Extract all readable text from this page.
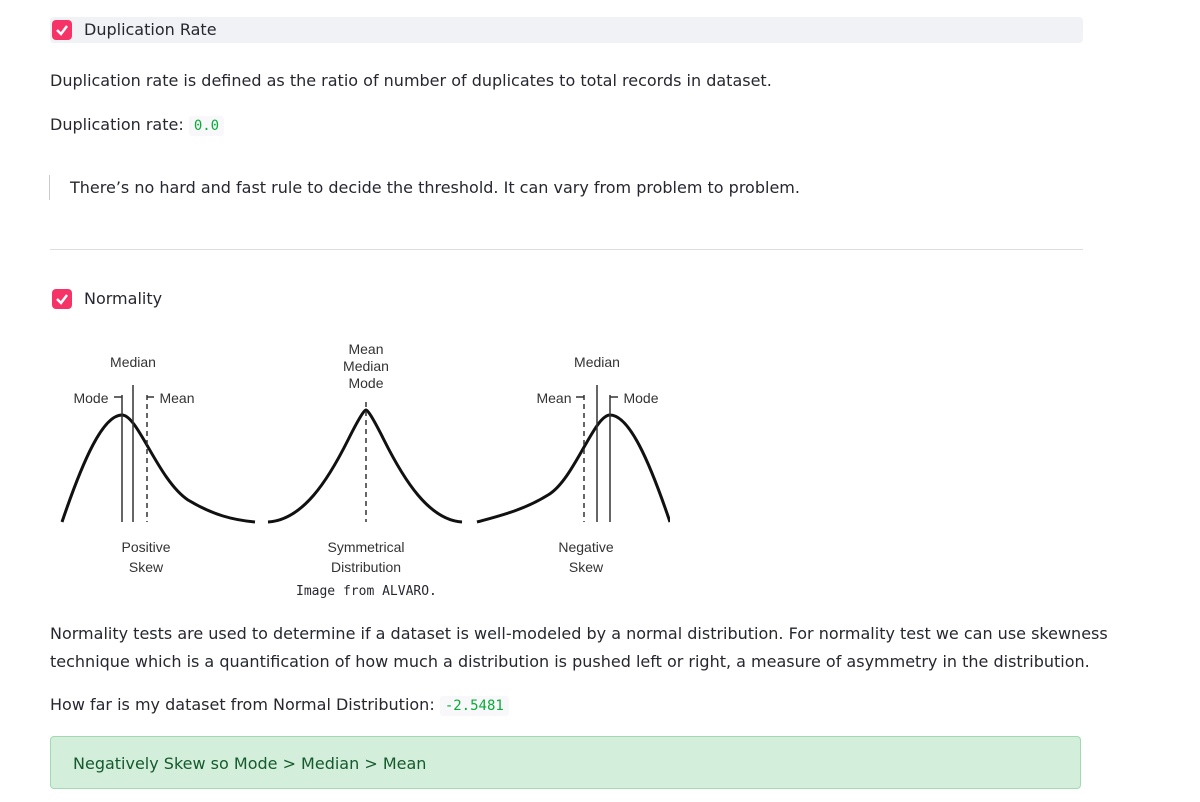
Duplication Rate
Duplication rate is defined as the ratio of number of duplicates to total records in dataset.
Duplication rate: 0.0
There’s no hard and fast rule to decide the threshold. It can vary from problem to problem.
Normality
Median
Mode	Mean
Positive
Skew
Mean
Median
Mode
Symmetrical
Distribution
Median
Mean	Mode
Negative
Skew
Image from ALVARO.
Normality tests are used to determine if a dataset is well-modeled by a normal distribution. For normality test we can use skewness
technique which is a quantification of how much a distribution is pushed left or right, a measure of asymmetry in the distribution.
How far is my dataset from Normal Distribution: -2.5481
Negatively Skew so Mode > Median > Mean
